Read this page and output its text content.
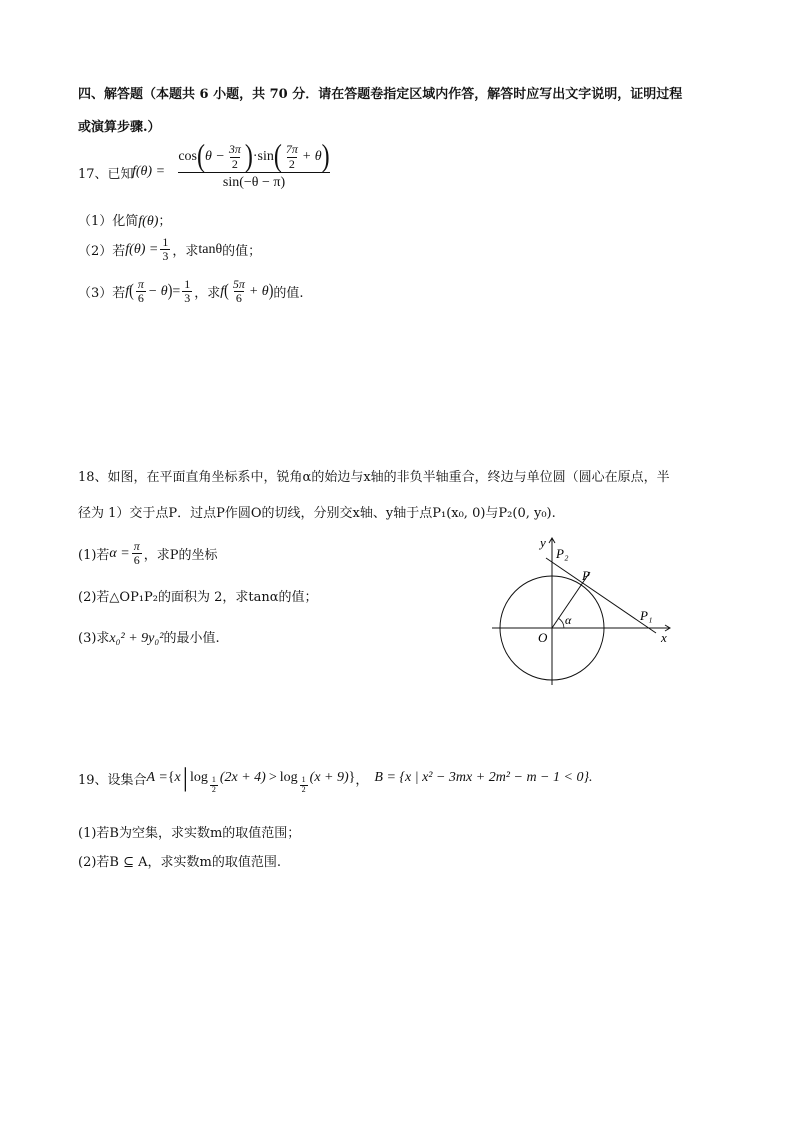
四、解答题（本题共 6 小题，共 70 分．请在答题卷指定区域内作答，解答时应写出文字说明，证明过程
或演算步骤.）
17、已知
f(θ) =
cos ( $\theta - \frac{3\pi}{2}$ ) ·sin ( $\frac{7\pi}{2} + \theta$ )
sin(−θ − π)
（1）化简f(θ)；
（2）若 $f(\theta) = \frac{1}{3}$ ，求 tanθ 的值；
（3）若 f ( $\frac{\pi}{6} - \theta$ ) = $\frac{1}{3}$ ，求 f ( $\frac{5\pi}{6} + \theta$ ) 的值.
18、如图，在平面直角坐标系中，锐角α的始边与x轴的非负半轴重合，终边与单位圆（圆心在原点，半
径为 1）交于点P．过点P作圆O的切线，分别交x轴、y轴于点P₁(x₀, 0)与P₂(0, y₀).
(1)若 $\alpha = \frac{\pi}{6}$ ，求P的坐标
(2)若△OP₁P₂的面积为 2，求tanα的值；
(3)求x₀² + 9y₀²的最小值.
y
x
O
α
P
P₁
P₂
19、设集合 A = { x | $\log \frac{1}{2} (2x + 4) > \log \frac{1}{2} (x + 9)$ } ， B = {x | x² − 3mx + 2m² − m − 1 < 0}.
(1)若B为空集，求实数m的取值范围；
(2)若B ⊆ A，求实数m的取值范围.
